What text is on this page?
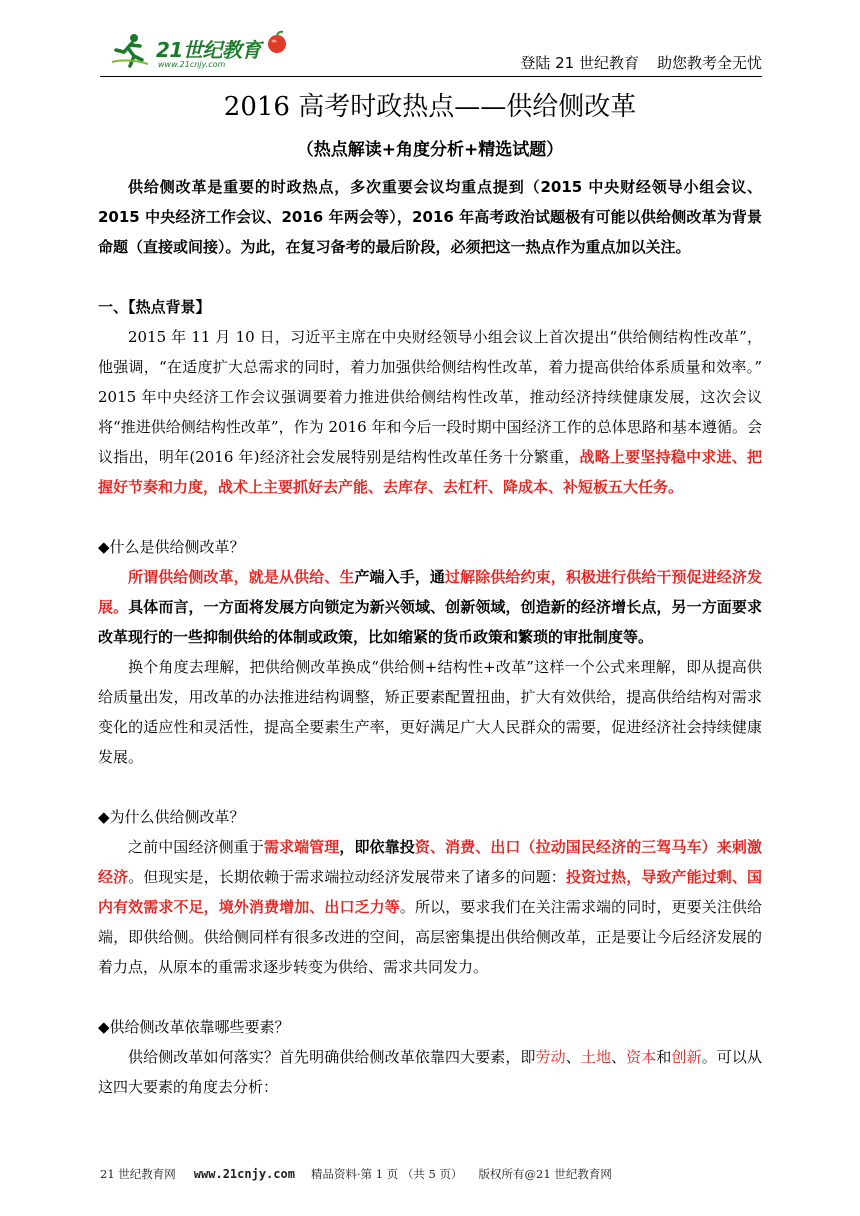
21世纪教育
www.21cnjy.com	登陆 21 世纪教育 助您教考全无忧
2016 高考时政热点——供给侧改革
（热点解读+角度分析+精选试题）

供给侧改革是重要的时政热点，多次重要会议均重点提到（2015 中央财经领导小组会议、2015 中央经济工作会议、2016 年两会等），2016 年高考政治试题极有可能以供给侧改革为背景命题（直接或间接）。为此，在复习备考的最后阶段，必须把这一热点作为重点加以关注。

一、【热点背景】

2015 年 11 月 10 日，习近平主席在中央财经领导小组会议上首次提出“供给侧结构性改革”，他强调，“在适度扩大总需求的同时，着力加强供给侧结构性改革，着力提高供给体系质量和效率。” 2015 年中央经济工作会议强调要着力推进供给侧结构性改革，推动经济持续健康发展，这次会议将“推进供给侧结构性改革”，作为 2016 年和今后一段时期中国经济工作的总体思路和基本遵循。会议指出，明年(2016 年)经济社会发展特别是结构性改革任务十分繁重，战略上要坚持稳中求进、把握好节奏和力度，战术上主要抓好去产能、去库存、去杠杆、降成本、补短板五大任务。

◆什么是供给侧改革？

所谓供给侧改革，就是从供给、生产端入手，通过解除供给约束，积极进行供给干预促进经济发展。具体而言，一方面将发展方向锁定为新兴领域、创新领域，创造新的经济增长点，另一方面要求改革现行的一些抑制供给的体制或政策，比如缩紧的货币政策和繁琐的审批制度等。

换个角度去理解，把供给侧改革换成“供给侧+结构性+改革”这样一个公式来理解，即从提高供给质量出发，用改革的办法推进结构调整，矫正要素配置扭曲，扩大有效供给，提高供给结构对需求变化的适应性和灵活性，提高全要素生产率，更好满足广大人民群众的需要，促进经济社会持续健康发展。

◆为什么供给侧改革？

之前中国经济侧重于需求端管理，即依靠投资、消费、出口（拉动国民经济的三驾马车）来刺激经济。但现实是，长期依赖于需求端拉动经济发展带来了诸多的问题：投资过热，导致产能过剩、国内有效需求不足，境外消费增加、出口乏力等。所以，要求我们在关注需求端的同时，更要关注供给端，即供给侧。供给侧同样有很多改进的空间，高层密集提出供给侧改革，正是要让今后经济发展的着力点，从原本的重需求逐步转变为供给、需求共同发力。

◆供给侧改革依靠哪些要素？

供给侧改革如何落实？首先明确供给侧改革依靠四大要素，即劳动、土地、资本和创新。可以从这四大要素的角度去分析：

21 世纪教育网 www.21cnjy.com 精品资料·第 1 页 （共 5 页） 版权所有@21 世纪教育网
